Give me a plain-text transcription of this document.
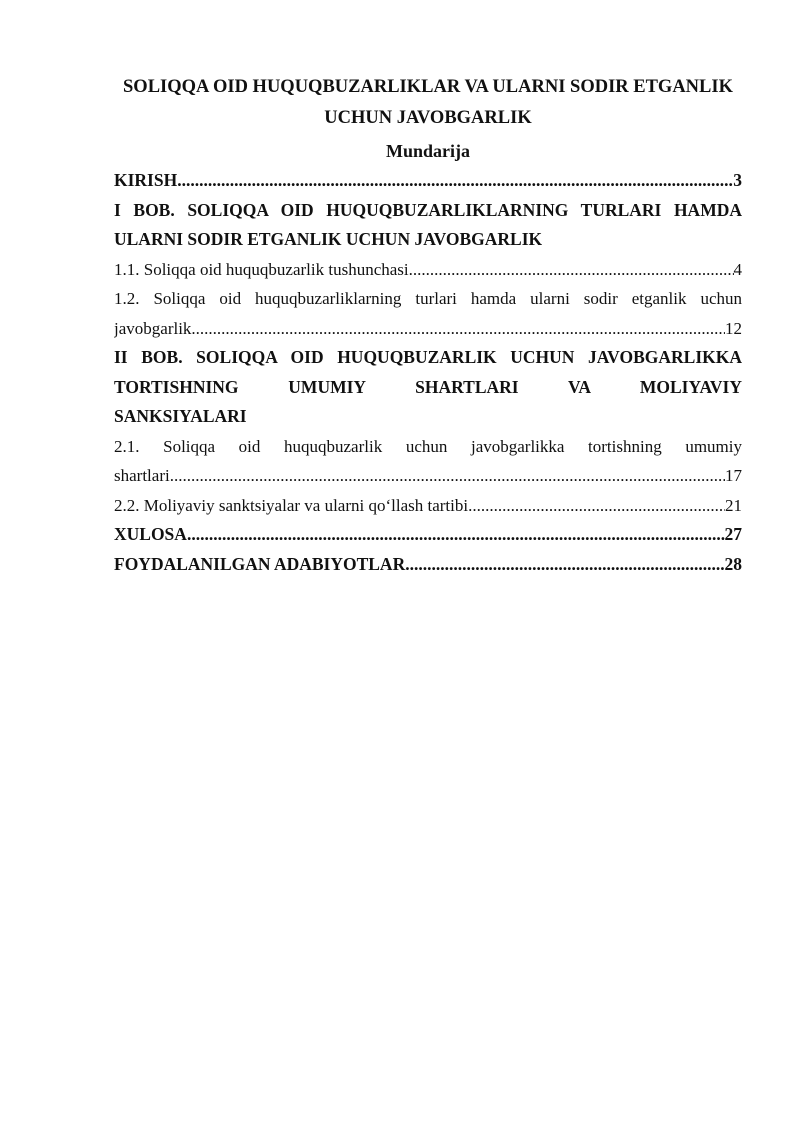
SOLIQQA OID HUQUQBUZARLIKLAR VA ULARNI SODIR ETGANLIK
UCHUN JAVOBGARLIK
Mundarija
KIRISH .....	3
I BOB. SOLIQQA OID HUQUQBUZARLIKLARNING TURLARI HAMDA
ULARNI SODIR ETGANLIK UCHUN JAVOBGARLIK
1.1. Soliqqa oid huquqbuzarlik tushunchasi .....	4
1.2. Soliqqa oid huquqbuzarliklarning turlari hamda ularni sodir etganlik uchun
javobgarlik .....	12
II BOB. SOLIQQA OID HUQUQBUZARLIK UCHUN JAVOBGARLIKKA
TORTISHNING UMUMIY SHARTLARI VA MOLIYAVIY
SANKSIYALARI
2.1. Soliqqa oid huquqbuzarlik uchun javobgarlikka tortishning umumiy
shartlari .....	17
2.2. Moliyaviy sanktsiyalar va ularni qo‘llash tartibi .....	21
XULOSA .....	27
FOYDALANILGAN ADABIYOTLAR .....	28
